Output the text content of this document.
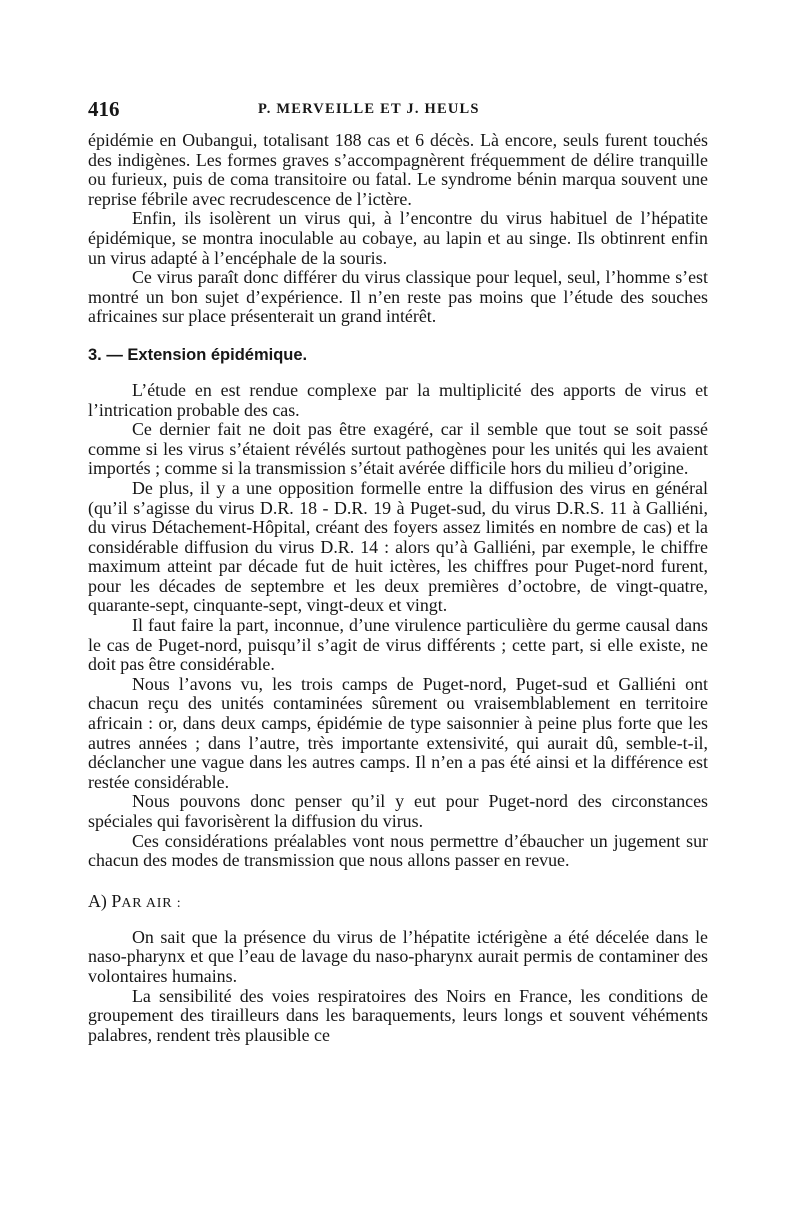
416	P. MERVEILLE ET J. HEULS

épidémie en Oubangui, totalisant 188 cas et 6 décès. Là encore, seuls furent touchés des indigènes. Les formes graves s’accompagnèrent fréquemment de délire tranquille ou furieux, puis de coma transitoire ou fatal. Le syndrome bénin marqua souvent une reprise fébrile avec recrudescence de l’ictère.

Enfin, ils isolèrent un virus qui, à l’encontre du virus habituel de l’hépatite épidémique, se montra inoculable au cobaye, au lapin et au singe. Ils obtinrent enfin un virus adapté à l’encéphale de la souris.

Ce virus paraît donc différer du virus classique pour lequel, seul, l’homme s’est montré un bon sujet d’expérience. Il n’en reste pas moins que l’étude des souches africaines sur place présenterait un grand intérêt.

3. — Extension épidémique.

L’étude en est rendue complexe par la multiplicité des apports de virus et l’intrication probable des cas.

Ce dernier fait ne doit pas être exagéré, car il semble que tout se soit passé comme si les virus s’étaient révélés surtout pathogènes pour les unités qui les avaient importés ; comme si la transmission s’était avérée difficile hors du milieu d’origine.

De plus, il y a une opposition formelle entre la diffusion des virus en général (qu’il s’agisse du virus D.R. 18 - D.R. 19 à Puget-sud, du virus D.R.S. 11 à Galliéni, du virus Détachement-Hôpital, créant des foyers assez limités en nombre de cas) et la considérable diffusion du virus D.R. 14 : alors qu’à Galliéni, par exemple, le chiffre maximum atteint par décade fut de huit ictères, les chiffres pour Puget-nord furent, pour les décades de septembre et les deux premières d’octobre, de vingt-quatre, quarante-sept, cinquante-sept, vingt-deux et vingt.

Il faut faire la part, inconnue, d’une virulence particulière du germe causal dans le cas de Puget-nord, puisqu’il s’agit de virus différents ; cette part, si elle existe, ne doit pas être considérable.

Nous l’avons vu, les trois camps de Puget-nord, Puget-sud et Galliéni ont chacun reçu des unités contaminées sûrement ou vraisemblablement en territoire africain : or, dans deux camps, épidémie de type saisonnier à peine plus forte que les autres années ; dans l’autre, très importante extensivité, qui aurait dû, semble-t-il, déclancher une vague dans les autres camps. Il n’en a pas été ainsi et la différence est restée considérable.

Nous pouvons donc penser qu’il y eut pour Puget-nord des circonstances spéciales qui favorisèrent la diffusion du virus.

Ces considérations préalables vont nous permettre d’ébaucher un jugement sur chacun des modes de transmission que nous allons passer en revue.

A) PAR AIR :

On sait que la présence du virus de l’hépatite ictérigène a été décelée dans le naso-pharynx et que l’eau de lavage du naso-pharynx aurait permis de contaminer des volontaires humains.

La sensibilité des voies respiratoires des Noirs en France, les conditions de groupement des tirailleurs dans les baraquements, leurs longs et souvent véhéments palabres, rendent très plausible ce
